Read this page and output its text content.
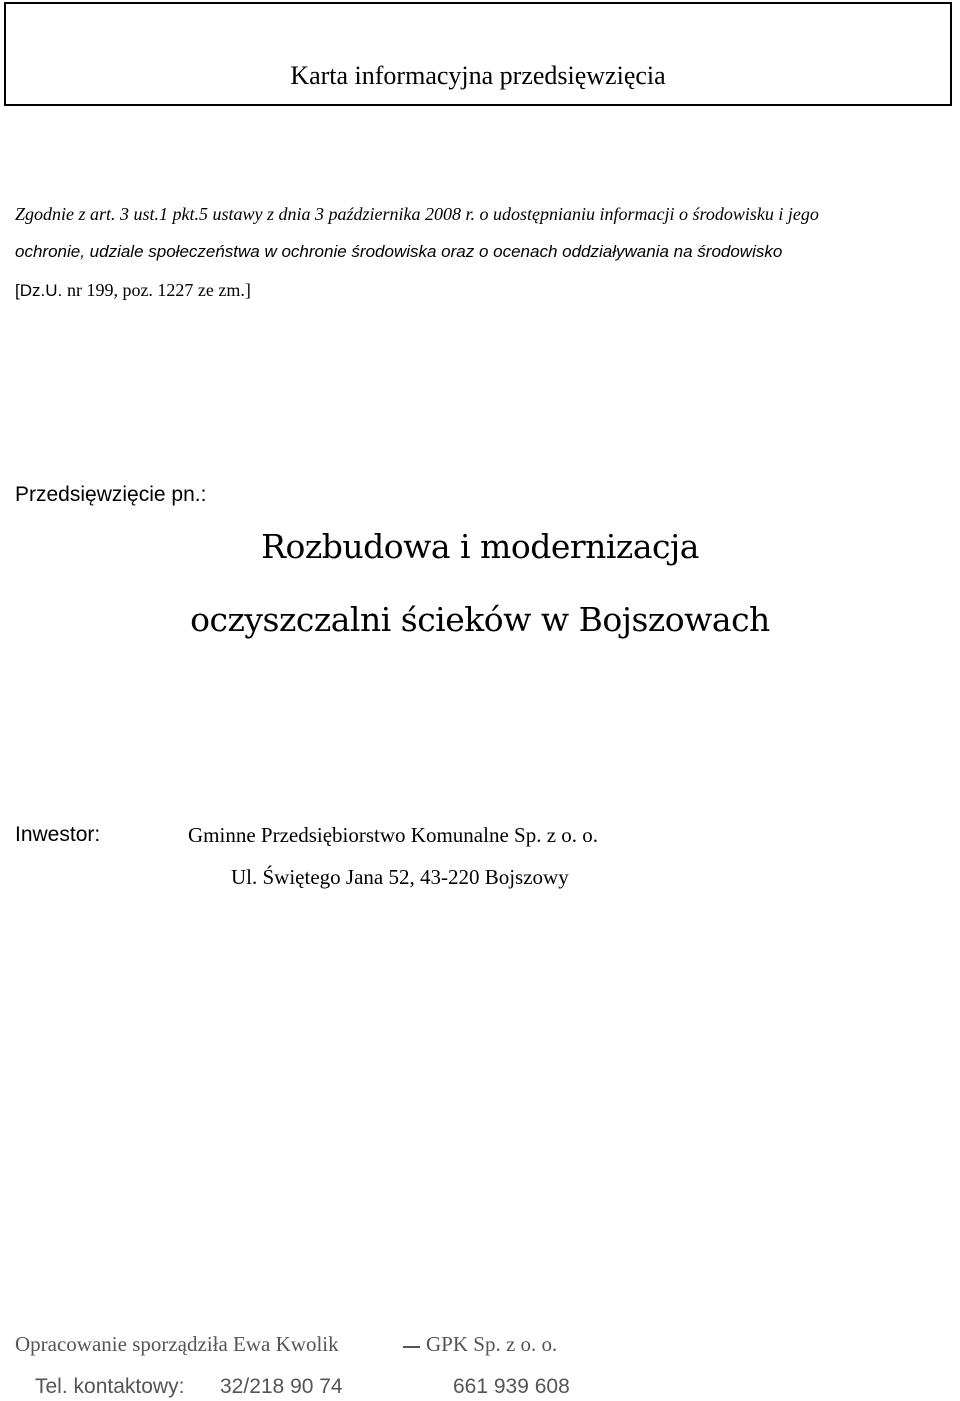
Karta informacyjna przedsięwzięcia
Zgodnie z art. 3 ust.1 pkt.5 ustawy z dnia 3 października 2008 r. o udostępnianiu informacji o środowisku i jego
ochronie, udziale społeczeństwa w ochronie środowiska oraz o ocenach oddziaływania na środowisko
[Dz.U. nr 199, poz. 1227 ze zm.]
Przedsięwzięcie pn.:
Rozbudowa i modernizacja
oczyszczalni ścieków w Bojszowach
Inwestor:	Gminne Przedsiębiorstwo Komunalne Sp. z o. o.
Ul. Świętego Jana 52, 43-220 Bojszowy
Opracowanie sporządziła Ewa Kwolik	GPK Sp. z o. o.
Tel. kontaktowy: 32/218 90 74	661 939 608
